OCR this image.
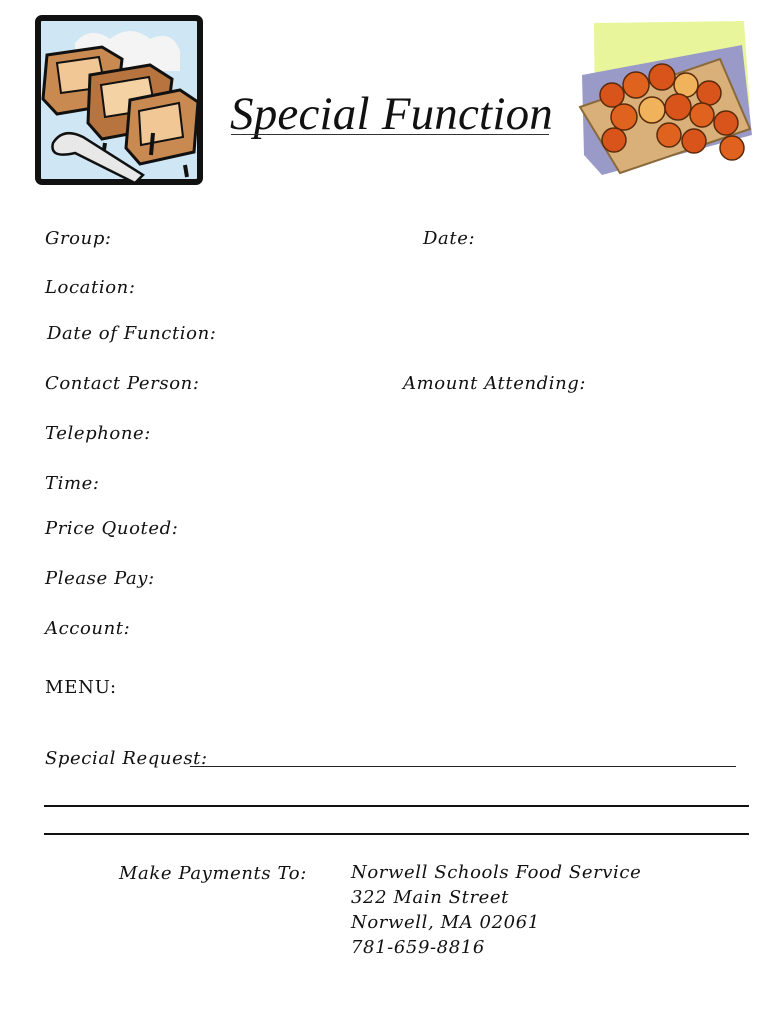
Special Function
Group:	Date:
Location:
Date of Function:
Contact Person:	Amount Attending:
Telephone:
Time:
Price Quoted:
Please Pay:
Account:
MENU:
Special Request:
Make Payments To: Norwell Schools Food Service
322 Main Street
Norwell, MA 02061
781-659-8816
